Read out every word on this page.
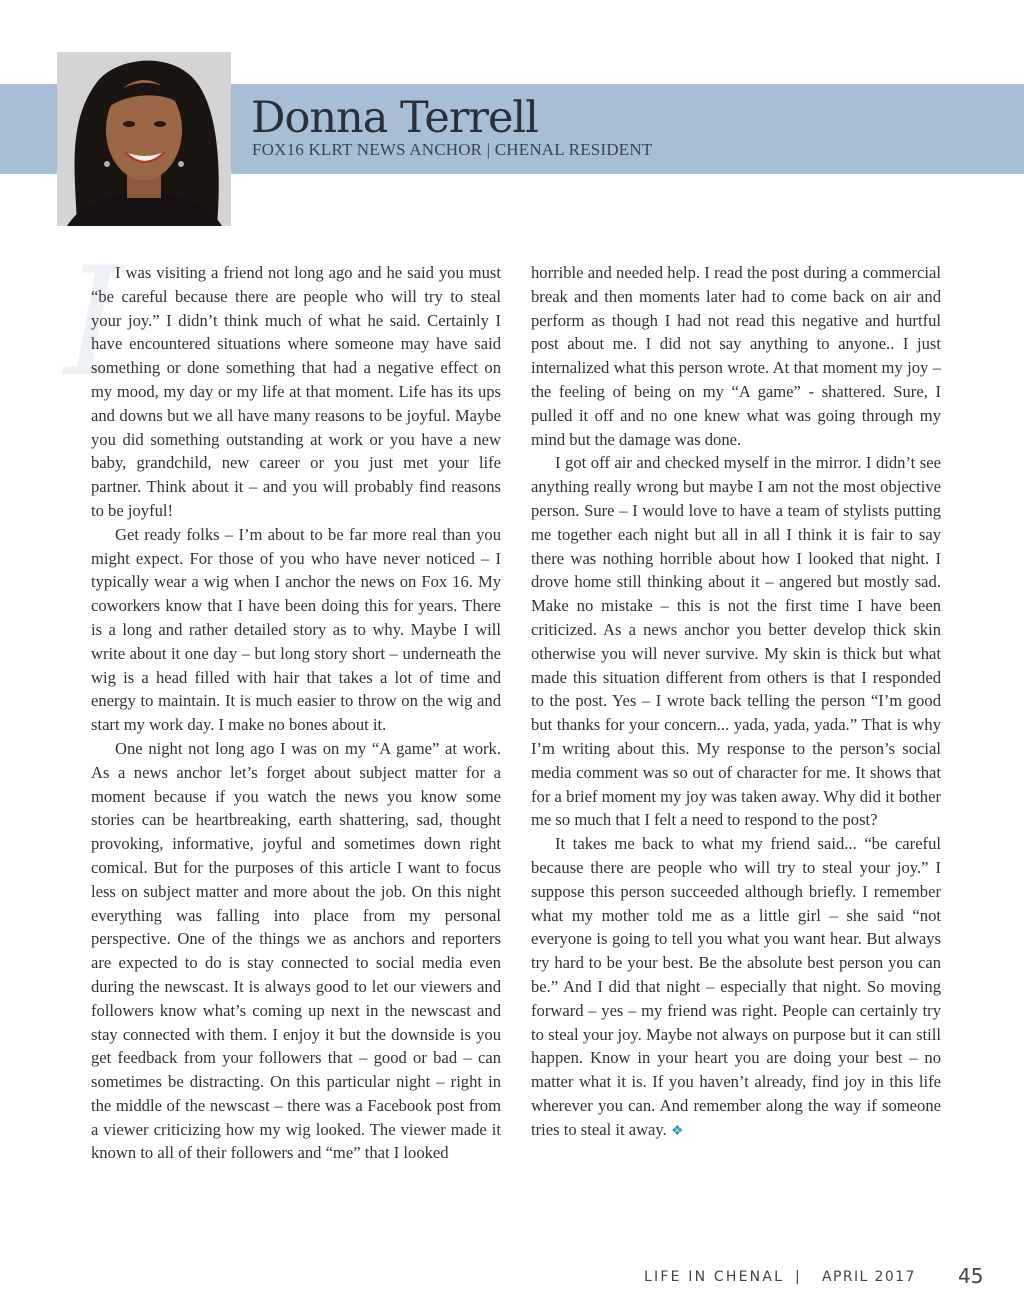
Donna Terrell
FOX16 KLRT NEWS ANCHOR | CHENAL RESIDENT
I

I was visiting a friend not long ago and he said you must “be careful because there are people who will try to steal your joy.” I didn’t think much of what he said. Certainly I have encountered situations where someone may have said something or done something that had a negative effect on my mood, my day or my life at that moment. Life has its ups and downs but we all have many reasons to be joyful. Maybe you did something outstanding at work or you have a new baby, grandchild, new career or you just met your life partner. Think about it – and you will probably find reasons to be joyful!

Get ready folks – I’m about to be far more real than you might expect. For those of you who have never noticed – I typically wear a wig when I anchor the news on Fox 16. My coworkers know that I have been doing this for years. There is a long and rather detailed story as to why. Maybe I will write about it one day – but long story short – underneath the wig is a head filled with hair that takes a lot of time and energy to maintain. It is much easier to throw on the wig and start my work day. I make no bones about it.

One night not long ago I was on my “A game” at work. As a news anchor let’s forget about subject matter for a moment because if you watch the news you know some stories can be heartbreaking, earth shattering, sad, thought provoking, informative, joyful and sometimes down right comical. But for the purposes of this article I want to focus less on subject matter and more about the job. On this night everything was falling into place from my personal perspective. One of the things we as anchors and reporters are expected to do is stay connected to social media even during the newscast. It is always good to let our viewers and followers know what’s coming up next in the newscast and stay connected with them. I enjoy it but the downside is you get feedback from your followers that – good or bad – can sometimes be distracting. On this particular night – right in the middle of the newscast – there was a Facebook post from a viewer criticizing how my wig looked. The viewer made it known to all of their followers and “me” that I looked

horrible and needed help. I read the post during a commercial break and then moments later had to come back on air and perform as though I had not read this negative and hurtful post about me. I did not say anything to anyone.. I just internalized what this person wrote. At that moment my joy – the feeling of being on my “A game” - shattered. Sure, I pulled it off and no one knew what was going through my mind but the damage was done.

I got off air and checked myself in the mirror. I didn’t see anything really wrong but maybe I am not the most objective person. Sure – I would love to have a team of stylists putting me together each night but all in all I think it is fair to say there was nothing horrible about how I looked that night. I drove home still thinking about it – angered but mostly sad. Make no mistake – this is not the first time I have been criticized. As a news anchor you better develop thick skin otherwise you will never survive. My skin is thick but what made this situation different from others is that I responded to the post. Yes – I wrote back telling the person “I’m good but thanks for your concern... yada, yada, yada.” That is why I’m writing about this. My response to the person’s social media comment was so out of character for me. It shows that for a brief moment my joy was taken away. Why did it bother me so much that I felt a need to respond to the post?

It takes me back to what my friend said... “be careful because there are people who will try to steal your joy.” I suppose this person succeeded although briefly. I remember what my mother told me as a little girl – she said “not everyone is going to tell you what you want hear. But always try hard to be your best. Be the absolute best person you can be.” And I did that night – especially that night. So moving forward – yes – my friend was right. People can certainly try to steal your joy. Maybe not always on purpose but it can still happen. Know in your heart you are doing your best – no matter what it is. If you haven’t already, find joy in this life wherever you can. And remember along the way if someone tries to steal it away. ❖

LIFE IN CHENAL | APRIL 2017 45
